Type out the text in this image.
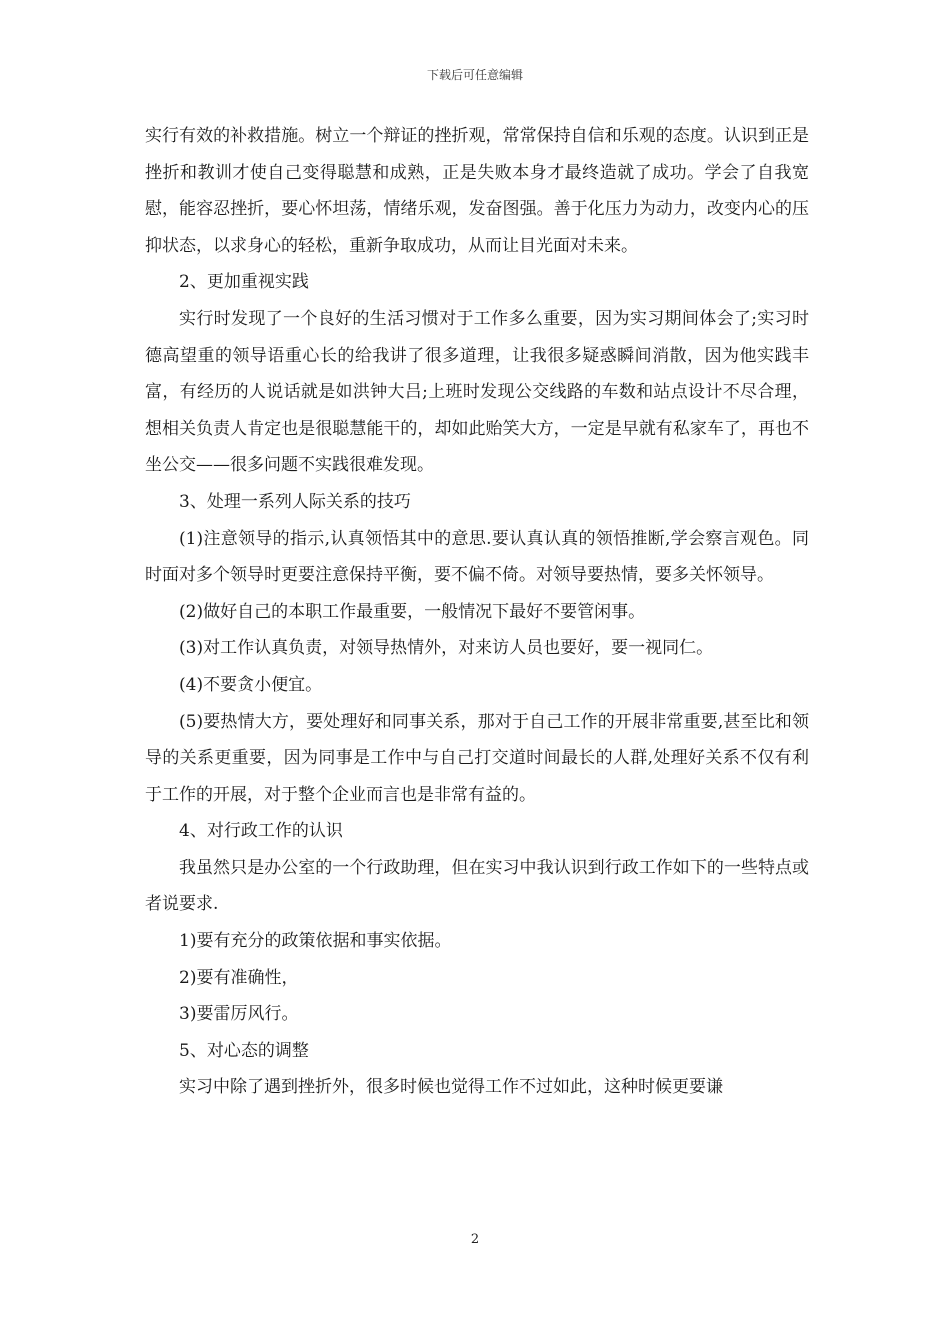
下载后可任意编辑

实行有效的补救措施。树立一个辩证的挫折观，常常保持自信和乐观的态度。认识到正是挫折和教训才使自己变得聪慧和成熟，正是失败本身才最终造就了成功。学会了自我宽慰，能容忍挫折，要心怀坦荡，情绪乐观，发奋图强。善于化压力为动力，改变内心的压抑状态，以求身心的轻松，重新争取成功，从而让目光面对未来。

2、更加重视实践

实行时发现了一个良好的生活习惯对于工作多么重要，因为实习期间体会了;实习时德高望重的领导语重心长的给我讲了很多道理，让我很多疑惑瞬间消散，因为他实践丰富，有经历的人说话就是如洪钟大吕;上班时发现公交线路的车数和站点设计不尽合理，想相关负责人肯定也是很聪慧能干的，却如此贻笑大方，一定是早就有私家车了，再也不坐公交——很多问题不实践很难发现。

3、处理一系列人际关系的技巧

(1)注意领导的指示,认真领悟其中的意思.要认真认真的领悟推断,学会察言观色。同时面对多个领导时更要注意保持平衡，要不偏不倚。对领导要热情，要多关怀领导。

(2)做好自己的本职工作最重要，一般情况下最好不要管闲事。

(3)对工作认真负责，对领导热情外，对来访人员也要好，要一视同仁。

(4)不要贪小便宜。

(5)要热情大方，要处理好和同事关系，那对于自己工作的开展非常重要,甚至比和领导的关系更重要，因为同事是工作中与自己打交道时间最长的人群,处理好关系不仅有利于工作的开展，对于整个企业而言也是非常有益的。

4、对行政工作的认识

我虽然只是办公室的一个行政助理，但在实习中我认识到行政工作如下的一些特点或者说要求.

1)要有充分的政策依据和事实依据。

2)要有准确性，

3)要雷厉风行。

5、对心态的调整

实习中除了遇到挫折外，很多时候也觉得工作不过如此，这种时候更要谦

2
